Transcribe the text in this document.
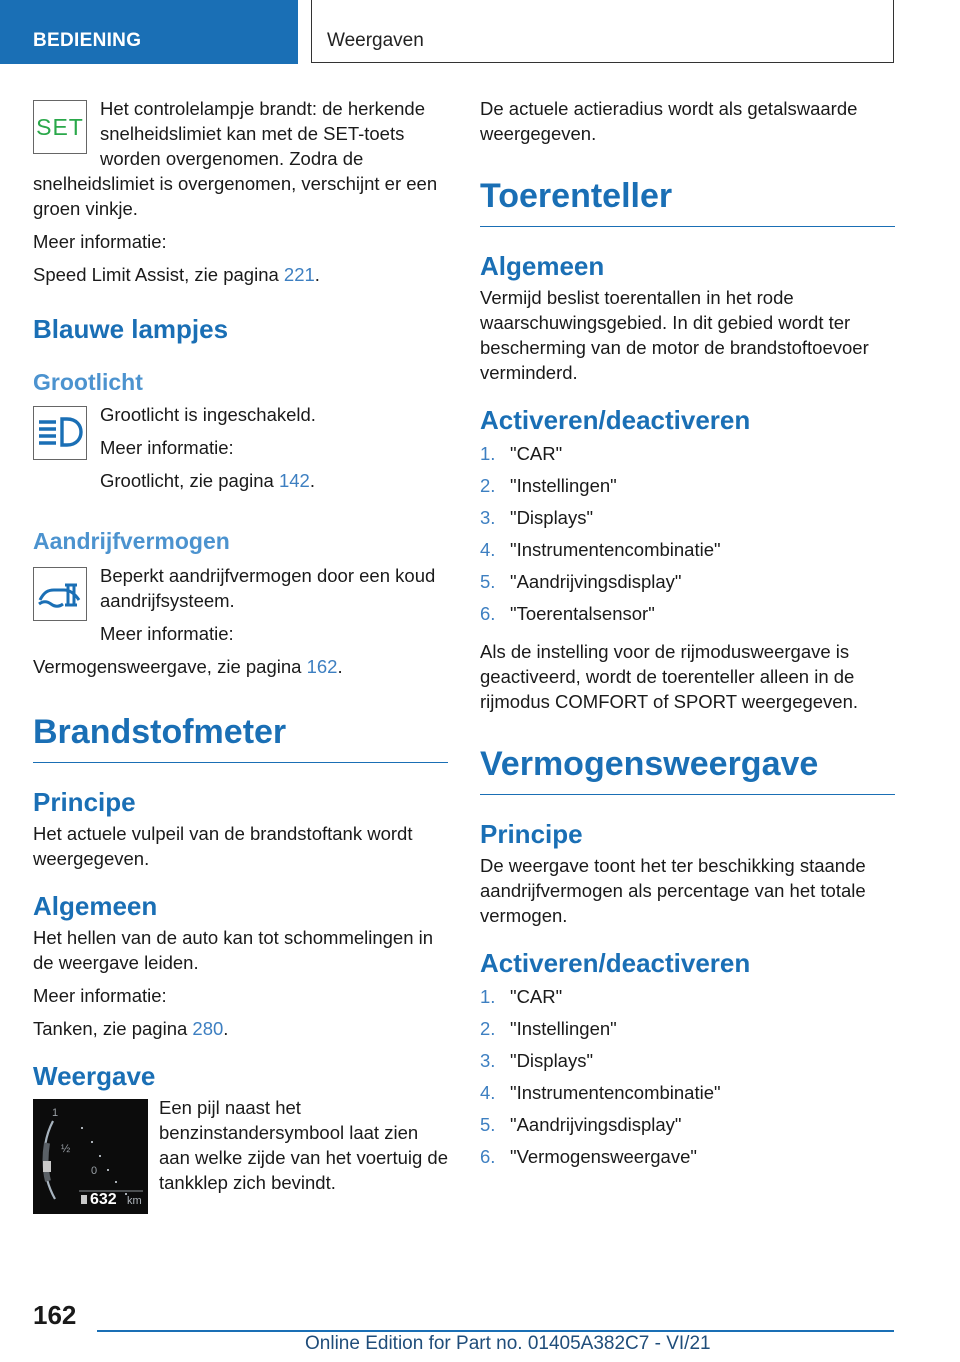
BEDIENING	Weergaven
SET

Het controlelampje brandt: de herkende snelheidslimiet kan met de SET-toets worden overgenomen. Zodra de snelheidslimiet is overgenomen, verschijnt er een groen vinkje.

Meer informatie:

Speed Limit Assist, zie pagina 221.

Blauwe lampjes
Grootlicht

Grootlicht is ingeschakeld.

Meer informatie:

Grootlicht, zie pagina 142.

Aandrijfvermogen

Beperkt aandrijfvermogen door een koud aandrijfsysteem.

Meer informatie:

Vermogensweergave, zie pagina 162.

Brandstofmeter
Principe

Het actuele vulpeil van de brandstoftank wordt weergegeven.

Algemeen

Het hellen van de auto kan tot schommelingen in de weergave leiden.

Meer informatie:

Tanken, zie pagina 280.

Weergave
1
½
0
632 km

Een pijl naast het benzinstandersymbool laat zien aan welke zijde van het voertuig de tankklep zich bevindt.

De actuele actieradius wordt als getalswaarde weergegeven.

Toerenteller
Algemeen

Vermijd beslist toerentallen in het rode waarschuwingsgebied. In dit gebied wordt ter bescherming van de motor de brandstoftoevoer verminderd.

Activeren/deactiveren
1. "CAR"
2. "Instellingen"
3. "Displays"
4. "Instrumentencombinatie"
5. "Aandrijvingsdisplay"
6. "Toerentalsensor"

Als de instelling voor de rijmodusweergave is geactiveerd, wordt de toerenteller alleen in de rijmodus COMFORT of SPORT weergegeven.

Vermogensweergave
Principe

De weergave toont het ter beschikking staande aandrijfvermogen als percentage van het totale vermogen.

Activeren/deactiveren
1. "CAR"
2. "Instellingen"
3. "Displays"
4. "Instrumentencombinatie"
5. "Aandrijvingsdisplay"
6. "Vermogensweergave"
162
Online Edition for Part no. 01405A382C7 - VI/21
